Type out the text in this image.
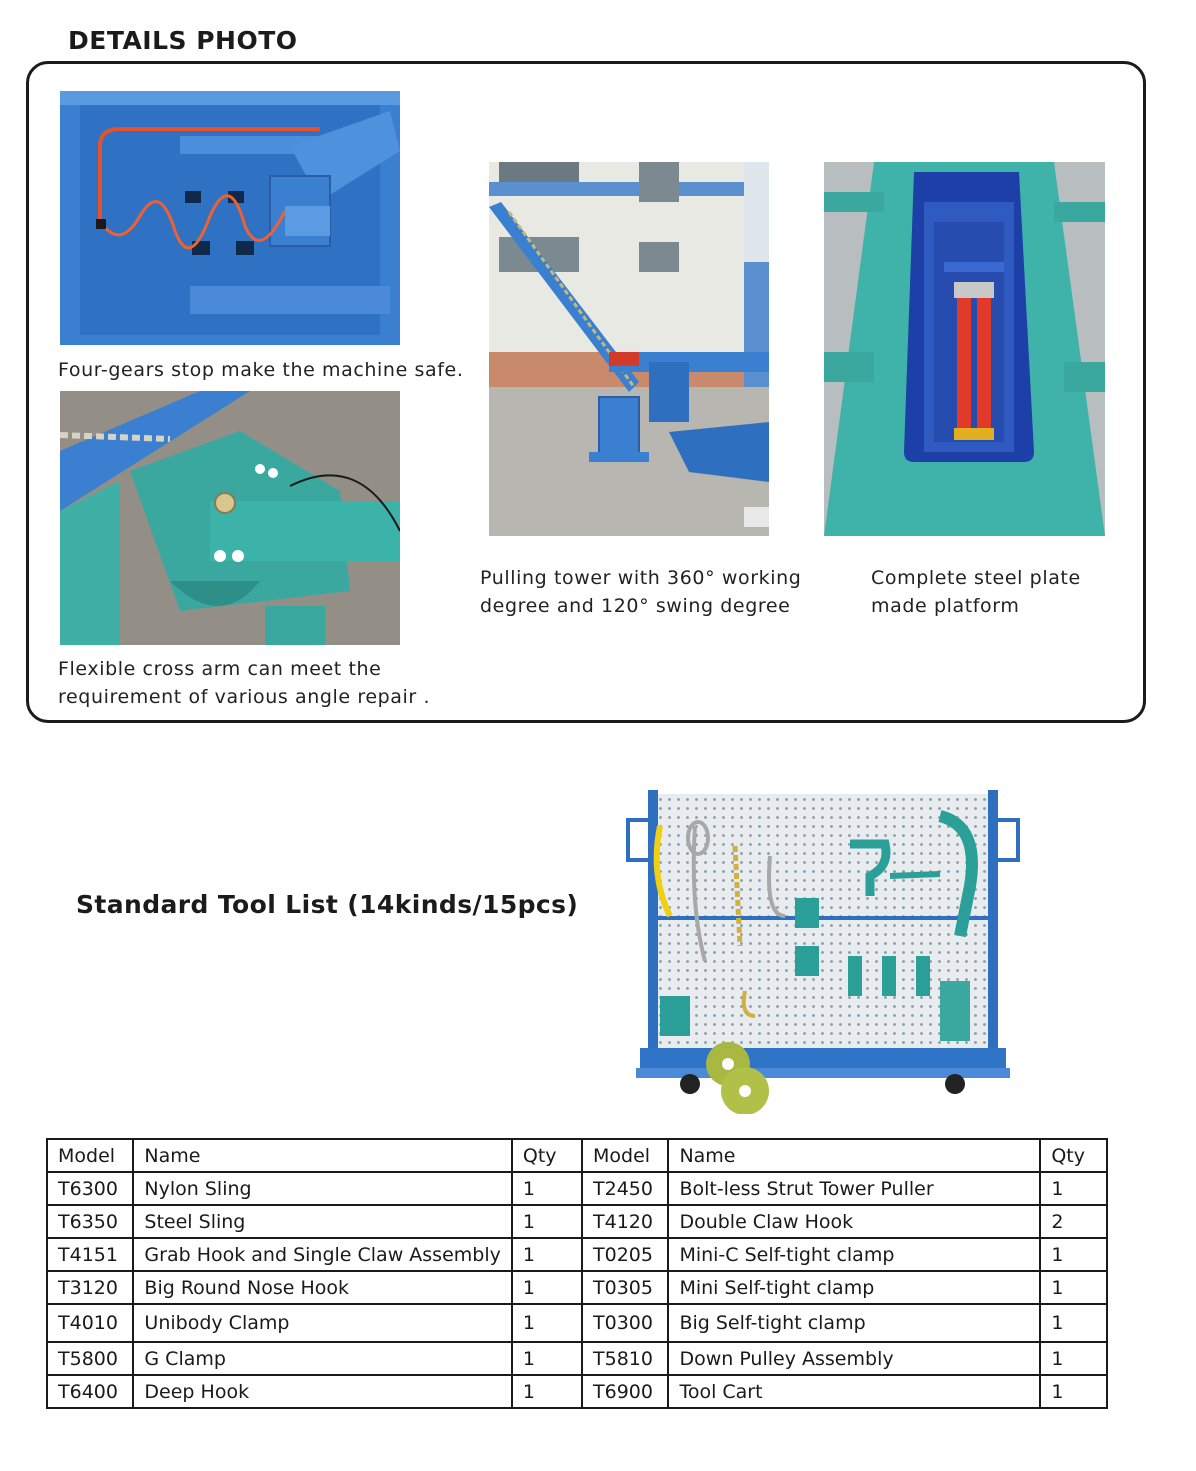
DETAILS PHOTO
Four-gears stop make the machine safe.
Flexible cross arm can meet the
requirement of various angle repair .
Pulling tower with 360° working
degree and 120° swing degree
Complete steel plate
made platform
Standard Tool List (14kinds/15pcs)
Model	Name	Qty	Model	Name	Qty
T6300	Nylon Sling	1	T2450	Bolt-less Strut Tower Puller	1
T6350	Steel Sling	1	T4120	Double Claw Hook	2
T4151	Grab Hook and Single Claw Assembly	1	T0205	Mini-C Self-tight clamp	1
T3120	Big Round Nose Hook	1	T0305	Mini Self-tight clamp	1
T4010	Unibody Clamp	1	T0300	Big Self-tight clamp	1
T5800	G Clamp	1	T5810	Down Pulley Assembly	1
T6400	Deep Hook	1	T6900	Tool Cart	1
